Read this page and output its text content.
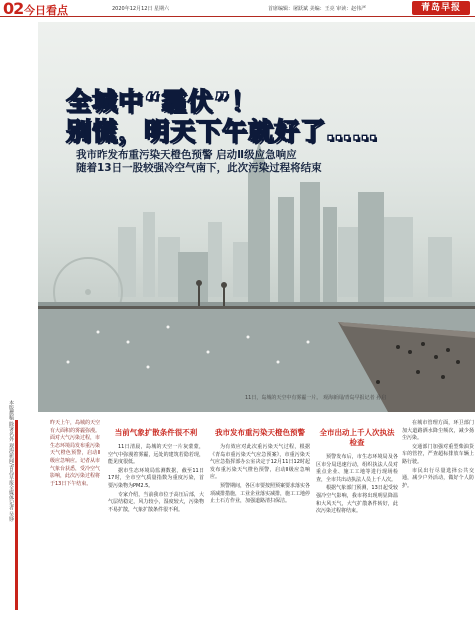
02 今日看点	2020年12月12日 星期六	首席编辑：屠跃斌 美编：王亮 审读：赵伟严	青岛早报
全城中“霾伏”！
别慌，明天下午就好了……
我市昨发布重污染天橙色预警 启动Ⅱ级应急响应
随着13日一股较强冷空气南下，此次污染过程将结束
11日，岛城的天空中有雾霾一片。 观海新闻/青岛早报记者 孙启
本版撰稿 除署名外 观海新闻/青岛早报全媒体记者 吴铮	昨天上午，岛城的天空有大面积的雾霾弥漫。面对大气污染过程，市生态环境局发布重污染天气橙色预警，启动Ⅱ级应急响应。记者从市气象台获悉，受冷空气影响，此次污染过程将于13日下午结束。
当前气象扩散条件很不利

11日清晨，岛城的天空一片灰蒙蒙，空气中弥漫着雾霾，远处的建筑若隐若现，能见度很低。

据市生态环境局监测数据，截至11日17时，全市空气质量指数为重度污染，首要污染物为PM2.5。

专家介绍，当前我市位于高压后部，大气层结稳定，风力较小，湿度较大，污染物不易扩散，气象扩散条件很不利。

我市发布重污染天橙色预警

为有效应对此次重污染天气过程，根据《青岛市重污染天气应急预案》，市重污染天气应急指挥部办公室决定于12月11日12时起发布重污染天气橙色预警，启动Ⅱ级应急响应。

预警期间，各区市要按照预案要求落实各项减排措施，工业企业落实减排，施工工地停止土石方作业，加强道路清扫保洁。

全市出动上千人次执法检查

预警发布后，市生态环境局及各区市分局迅速行动，组织执法人员对重点企业、施工工地等进行现场检查，全市共出动执法人员上千人次。

根据气象部门预测，13日起受较强冷空气影响，我市将出现明显降温和大风天气，大气扩散条件转好，此次污染过程将结束。

在城市管理方面，环卫部门加大道路洒水降尘频次，减少扬尘污染。

交通部门加强对重型柴油货车的管控，严查超标排放车辆上路行驶。

市民出行尽量选择公共交通，减少户外活动，做好个人防护。
